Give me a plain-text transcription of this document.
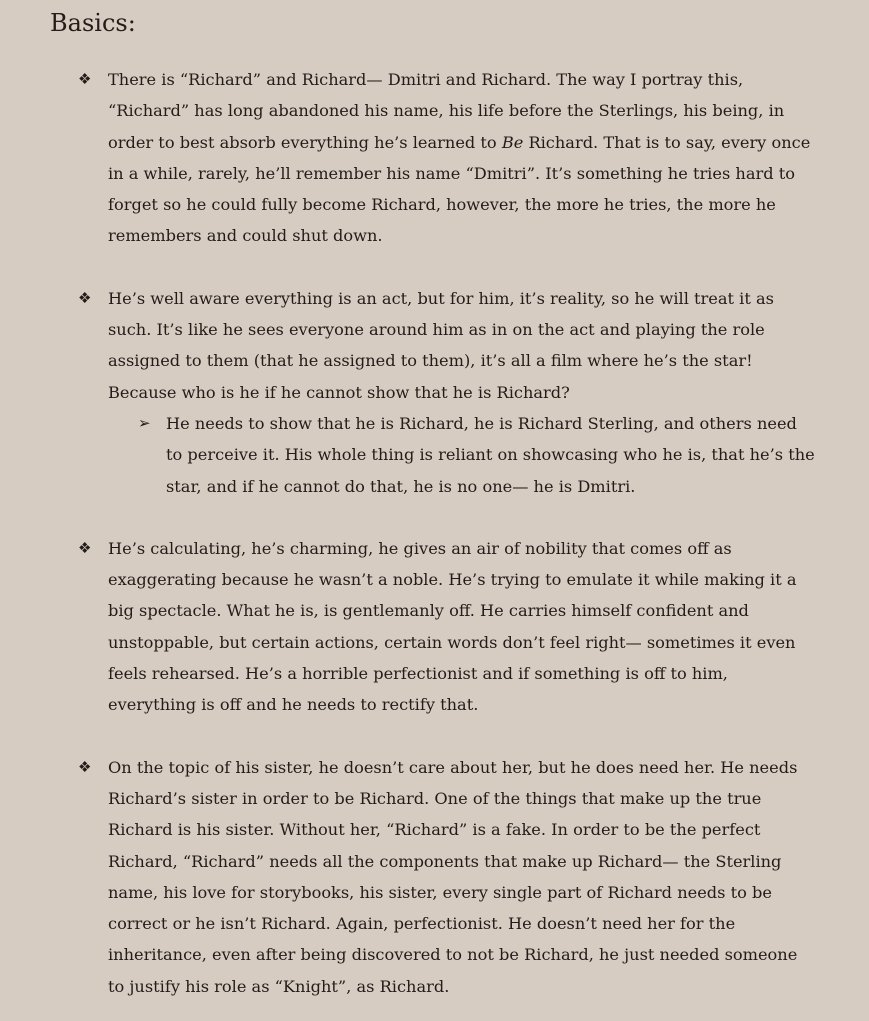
Basics:
❖	There is “Richard” and Richard— Dmitri and Richard. The way I portray this, “Richard” has long abandoned his name, his life before the Sterlings, his being, in order to best absorb everything he’s learned to Be Richard. That is to say, every once in a while, rarely, he’ll remember his name “Dmitri”. It’s something he tries hard to forget so he could fully become Richard, however, the more he tries, the more he remembers and could shut down.
❖	He’s well aware everything is an act, but for him, it’s reality, so he will treat it as such. It’s like he sees everyone around him as in on the act and playing the role assigned to them (that he assigned to them), it’s all a film where he’s the star! Because who is he if he cannot show that he is Richard?
➢ He needs to show that he is Richard, he is Richard Sterling, and others need to perceive it. His whole thing is reliant on showcasing who he is, that he’s the star, and if he cannot do that, he is no one— he is Dmitri.
❖	He’s calculating, he’s charming, he gives an air of nobility that comes off as exaggerating because he wasn’t a noble. He’s trying to emulate it while making it a big spectacle. What he is, is gentlemanly off. He carries himself confident and unstoppable, but certain actions, certain words don’t feel right— sometimes it even feels rehearsed. He’s a horrible perfectionist and if something is off to him, everything is off and he needs to rectify that.
❖	On the topic of his sister, he doesn’t care about her, but he does need her. He needs Richard’s sister in order to be Richard. One of the things that make up the true Richard is his sister. Without her, “Richard” is a fake. In order to be the perfect Richard, “Richard” needs all the components that make up Richard— the Sterling name, his love for storybooks, his sister, every single part of Richard needs to be correct or he isn’t Richard. Again, perfectionist. He doesn’t need her for the inheritance, even after being discovered to not be Richard, he just needed someone to justify his role as “Knight”, as Richard.
